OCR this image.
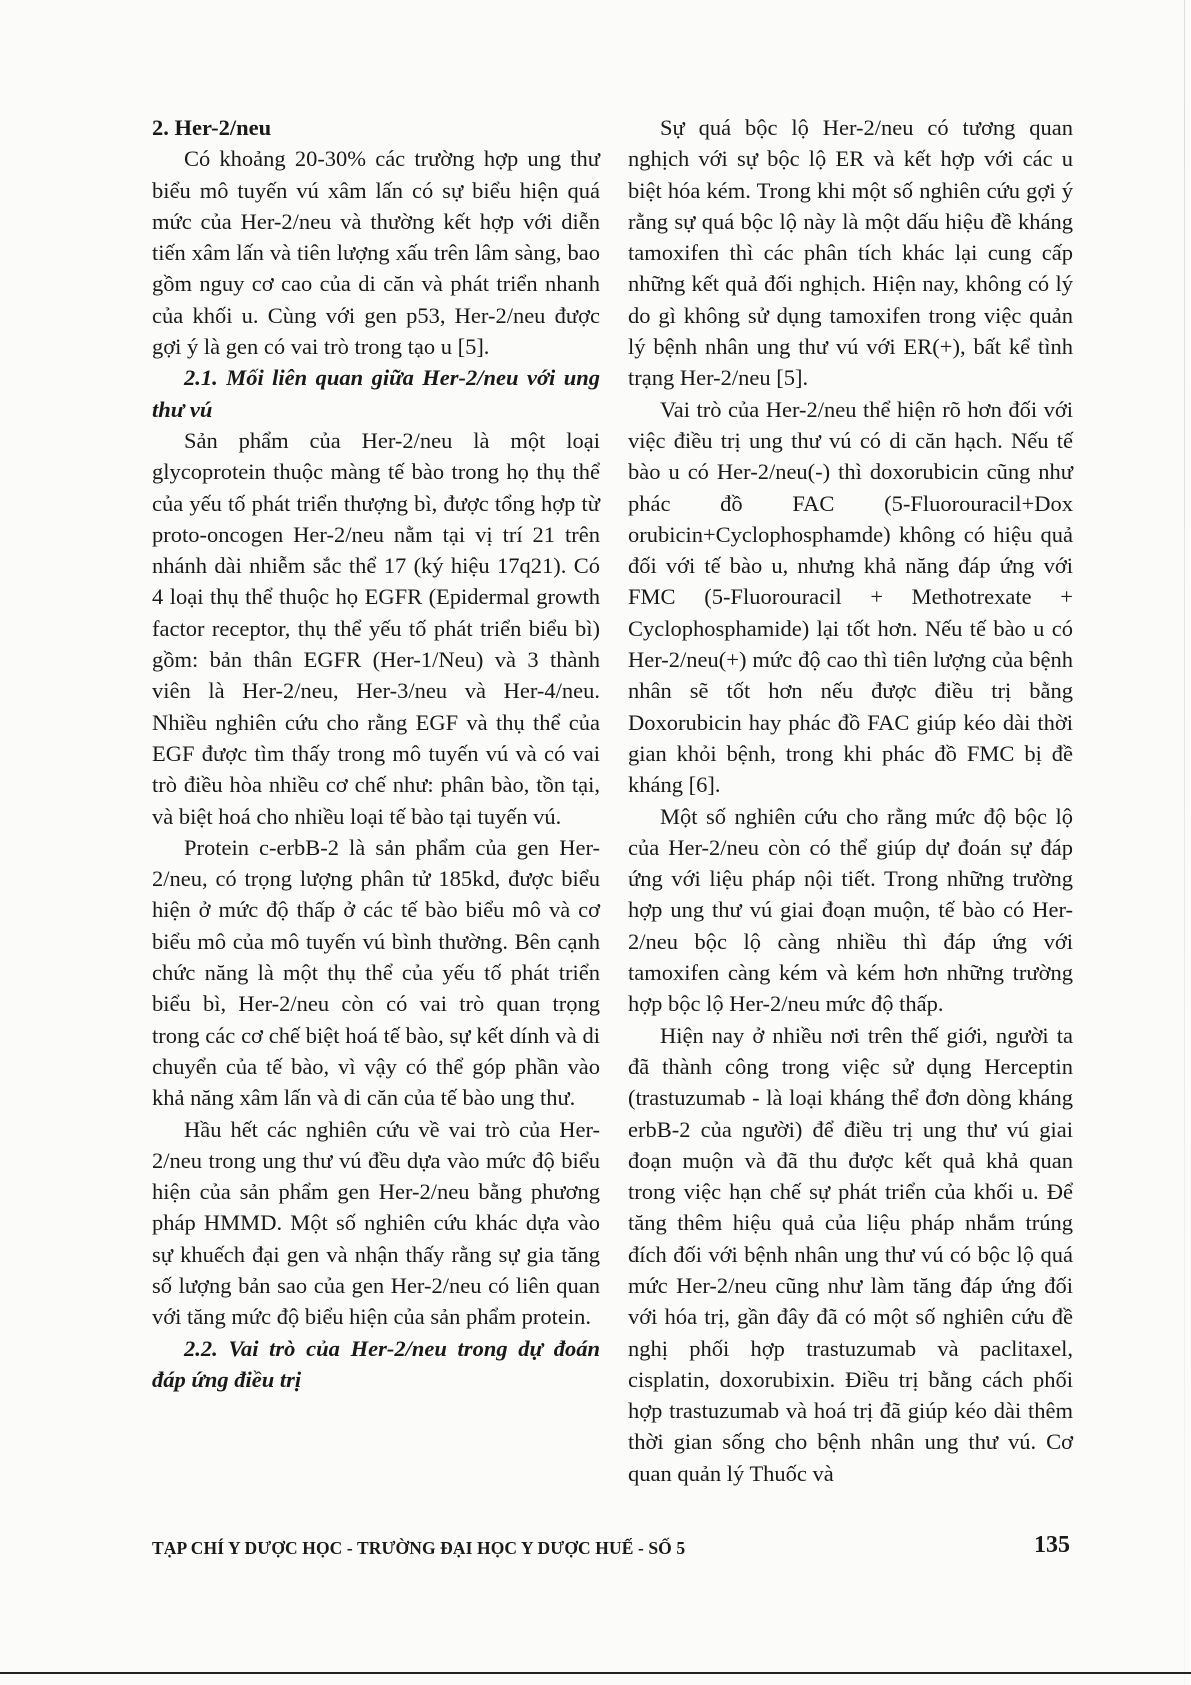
2. Her-2/neu

Có khoảng 20-30% các trường hợp ung thư biểu mô tuyến vú xâm lấn có sự biểu hiện quá mức của Her-2/neu và thường kết hợp với diễn tiến xâm lấn và tiên lượng xấu trên lâm sàng, bao gồm nguy cơ cao của di căn và phát triển nhanh của khối u. Cùng với gen p53, Her-2/neu được gợi ý là gen có vai trò trong tạo u [5].

2.1. Mối liên quan giữa Her-2/neu với ung thư vú

Sản phẩm của Her-2/neu là một loại glycoprotein thuộc màng tế bào trong họ thụ thể của yếu tố phát triển thượng bì, được tổng hợp từ proto-oncogen Her-2/neu nằm tại vị trí 21 trên nhánh dài nhiễm sắc thể 17 (ký hiệu 17q21). Có 4 loại thụ thể thuộc họ EGFR (Epidermal growth factor receptor, thụ thể yếu tố phát triển biểu bì) gồm: bản thân EGFR (Her-1/Neu) và 3 thành viên là Her-2/neu, Her-3/neu và Her-4/neu. Nhiều nghiên cứu cho rằng EGF và thụ thể của EGF được tìm thấy trong mô tuyến vú và có vai trò điều hòa nhiều cơ chế như: phân bào, tồn tại, và biệt hoá cho nhiều loại tế bào tại tuyến vú.

Protein c-erbB-2 là sản phẩm của gen Her-2/neu, có trọng lượng phân tử 185kd, được biểu hiện ở mức độ thấp ở các tế bào biểu mô và cơ biểu mô của mô tuyến vú bình thường. Bên cạnh chức năng là một thụ thể của yếu tố phát triển biểu bì, Her-2/neu còn có vai trò quan trọng trong các cơ chế biệt hoá tế bào, sự kết dính và di chuyển của tế bào, vì vậy có thể góp phần vào khả năng xâm lấn và di căn của tế bào ung thư.

Hầu hết các nghiên cứu về vai trò của Her-2/neu trong ung thư vú đều dựa vào mức độ biểu hiện của sản phẩm gen Her-2/neu bằng phương pháp HMMD. Một số nghiên cứu khác dựa vào sự khuếch đại gen và nhận thấy rằng sự gia tăng số lượng bản sao của gen Her-2/neu có liên quan với tăng mức độ biểu hiện của sản phẩm protein.

2.2. Vai trò của Her-2/neu trong dự đoán đáp ứng điều trị

Sự quá bộc lộ Her-2/neu có tương quan nghịch với sự bộc lộ ER và kết hợp với các u biệt hóa kém. Trong khi một số nghiên cứu gợi ý rằng sự quá bộc lộ này là một dấu hiệu đề kháng tamoxifen thì các phân tích khác lại cung cấp những kết quả đối nghịch. Hiện nay, không có lý do gì không sử dụng tamoxifen trong việc quản lý bệnh nhân ung thư vú với ER(+), bất kể tình trạng Her-2/neu [5].

Vai trò của Her-2/neu thể hiện rõ hơn đối với việc điều trị ung thư vú có di căn hạch. Nếu tế bào u có Her-2/neu(-) thì doxorubicin cũng như phác đồ FAC (5-Fluorouracil+Dox orubicin+Cyclophosphamde) không có hiệu quả đối với tế bào u, nhưng khả năng đáp ứng với FMC (5-Fluorouracil + Methotrexate + Cyclophosphamide) lại tốt hơn. Nếu tế bào u có Her-2/neu(+) mức độ cao thì tiên lượng của bệnh nhân sẽ tốt hơn nếu được điều trị bằng Doxorubicin hay phác đồ FAC giúp kéo dài thời gian khỏi bệnh, trong khi phác đồ FMC bị đề kháng [6].

Một số nghiên cứu cho rằng mức độ bộc lộ của Her-2/neu còn có thể giúp dự đoán sự đáp ứng với liệu pháp nội tiết. Trong những trường hợp ung thư vú giai đoạn muộn, tế bào có Her-2/neu bộc lộ càng nhiều thì đáp ứng với tamoxifen càng kém và kém hơn những trường hợp bộc lộ Her-2/neu mức độ thấp.

Hiện nay ở nhiều nơi trên thế giới, người ta đã thành công trong việc sử dụng Herceptin (trastuzumab - là loại kháng thể đơn dòng kháng erbB-2 của người) để điều trị ung thư vú giai đoạn muộn và đã thu được kết quả khả quan trong việc hạn chế sự phát triển của khối u. Để tăng thêm hiệu quả của liệu pháp nhắm trúng đích đối với bệnh nhân ung thư vú có bộc lộ quá mức Her-2/neu cũng như làm tăng đáp ứng đối với hóa trị, gần đây đã có một số nghiên cứu đề nghị phối hợp trastuzumab và paclitaxel, cisplatin, doxorubixin. Điều trị bằng cách phối hợp trastuzumab và hoá trị đã giúp kéo dài thêm thời gian sống cho bệnh nhân ung thư vú. Cơ quan quản lý Thuốc và

TẠP CHÍ Y DƯỢC HỌC - TRƯỜNG ĐẠI HỌC Y DƯỢC HUẾ - SỐ 5	135
